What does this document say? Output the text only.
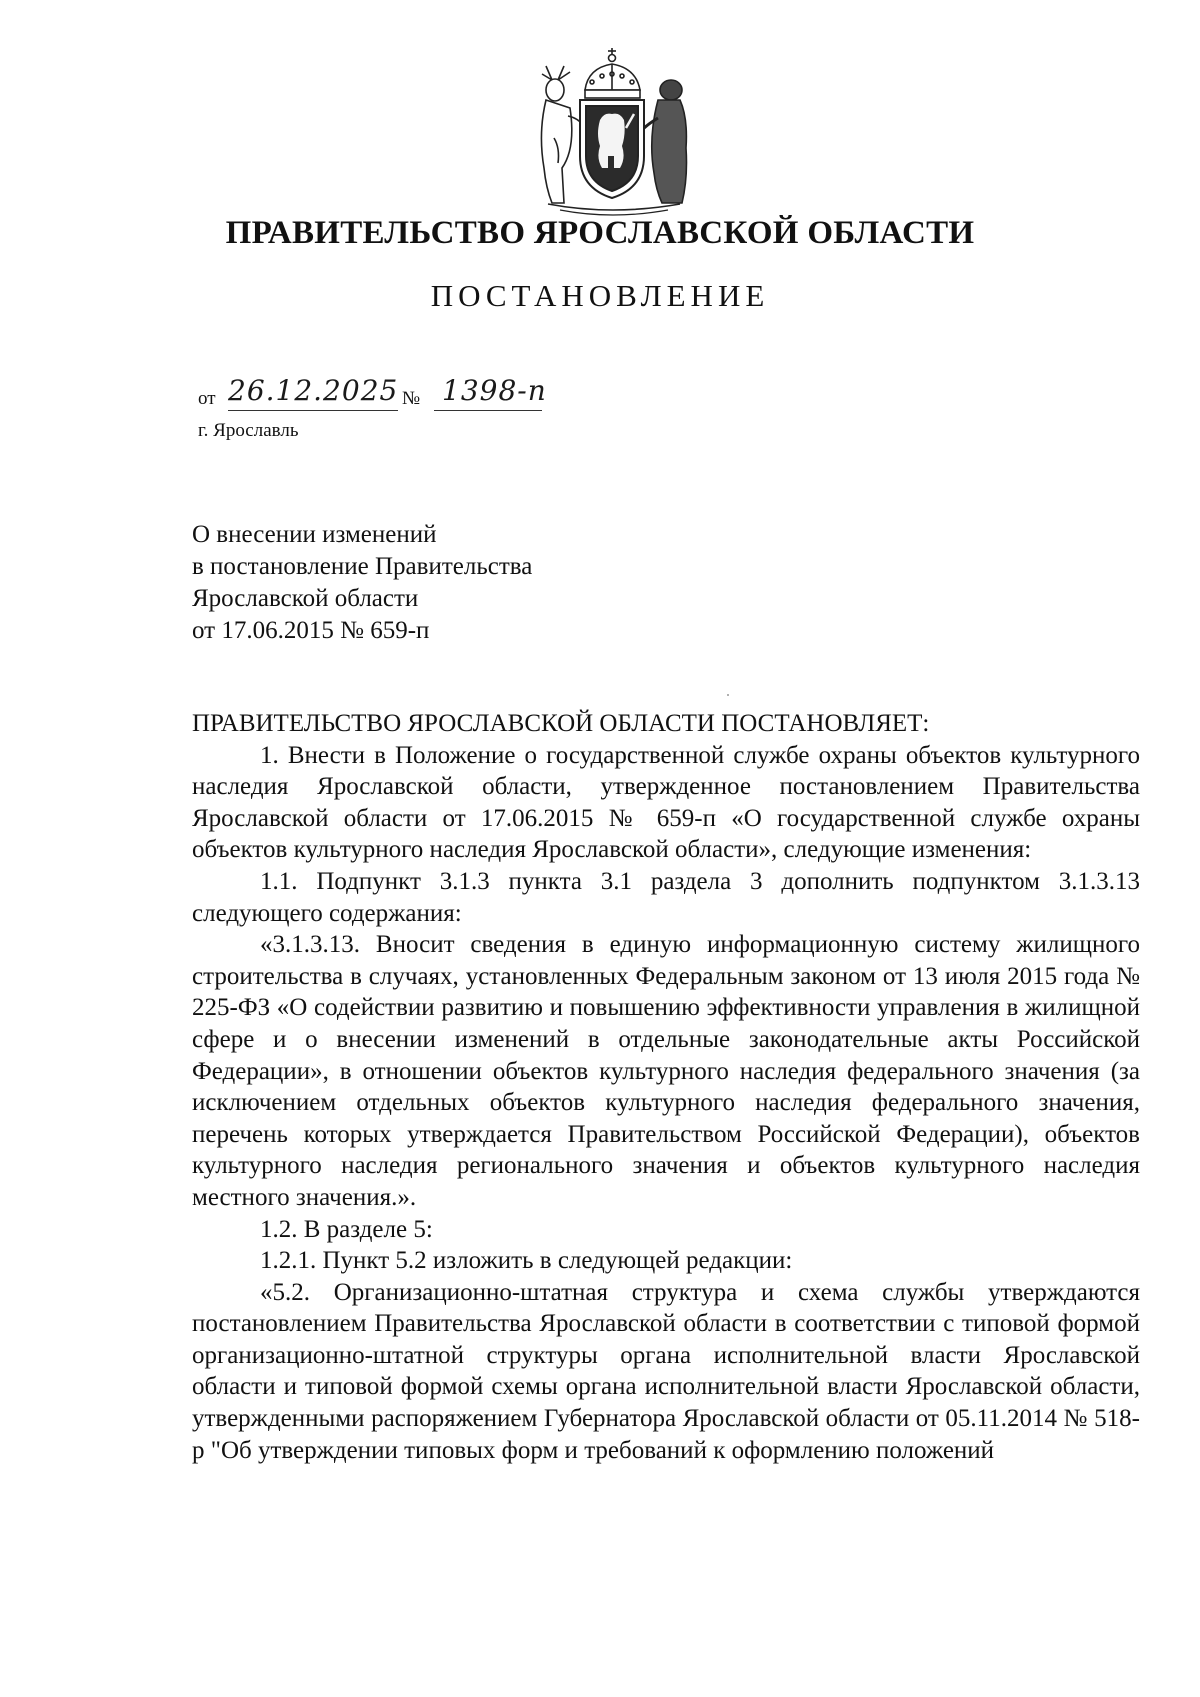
ПРАВИТЕЛЬСТВО ЯРОСЛАВСКОЙ ОБЛАСТИ
ПОСТАНОВЛЕНИЕ
от 26.12.2025 № 1398-п
г. Ярославль
О внесении изменений
в постановление Правительства
Ярославской области
от 17.06.2015 № 659-п

ПРАВИТЕЛЬСТВО ЯРОСЛАВСКОЙ ОБЛАСТИ ПОСТАНОВЛЯЕТ:

1. Внести в Положение о государственной службе охраны объектов культурного наследия Ярославской области, утвержденное постановлением Правительства Ярославской области от 17.06.2015 № 659-п «О государственной службе охраны объектов культурного наследия Ярославской области», следующие изменения:

1.1. Подпункт 3.1.3 пункта 3.1 раздела 3 дополнить подпунктом 3.1.3.13 следующего содержания:

«3.1.3.13. Вносит сведения в единую информационную систему жилищного строительства в случаях, установленных Федеральным законом от 13 июля 2015 года № 225-ФЗ «О содействии развитию и повышению эффективности управления в жилищной сфере и о внесении изменений в отдельные законодательные акты Российской Федерации», в отношении объектов культурного наследия федерального значения (за исключением отдельных объектов культурного наследия федерального значения, перечень которых утверждается Правительством Российской Федерации), объектов культурного наследия регионального значения и объектов культурного наследия местного значения.».

1.2. В разделе 5:

1.2.1. Пункт 5.2 изложить в следующей редакции:

«5.2. Организационно-штатная структура и схема службы утверждаются постановлением Правительства Ярославской области в соответствии с типовой формой организационно-штатной структуры органа исполнительной власти Ярославской области и типовой формой схемы органа исполнительной власти Ярославской области, утвержденными распоряжением Губернатора Ярославской области от 05.11.2014 № 518-р "Об утверждении типовых форм и требований к оформлению положений
